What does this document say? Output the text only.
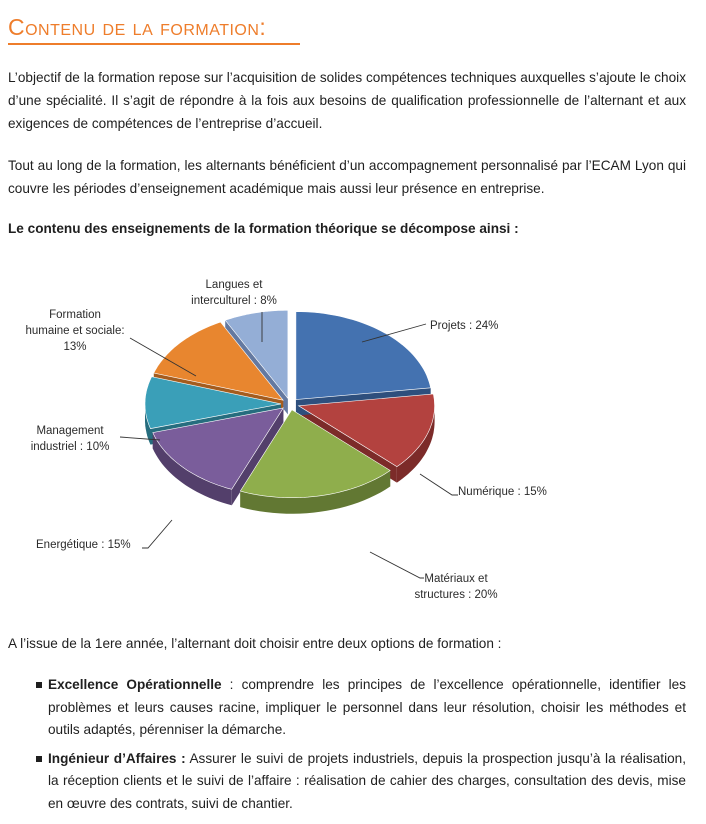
Contenu de la formation:

L’objectif de la formation repose sur l’acquisition de solides compétences techniques auxquelles s’ajoute le choix d’une spécialité. Il s’agit de répondre à la fois aux besoins de qualification professionnelle de l’alternant et aux exigences de compétences de l’entreprise d’accueil.

Tout au long de la formation, les alternants bénéficient d’un accompagnement personnalisé par l’ECAM Lyon qui couvre les périodes d’enseignement académique mais aussi leur présence en entreprise.

Le contenu des enseignements de la formation théorique se décompose ainsi :

Projets : 24%
Numérique : 15%
Matériaux et structures : 20%
Energétique : 15%
Management industriel : 10%
Formation humaine et sociale: 13%
Langues et interculturel : 8%

A l’issue de la 1ere année, l’alternant doit choisir entre deux options de formation :

Excellence Opérationnelle : comprendre les principes de l’excellence opérationnelle, identifier les problèmes et leurs causes racine, impliquer le personnel dans leur résolution, choisir les méthodes et outils adaptés, pérenniser la démarche.
Ingénieur d’Affaires : Assurer le suivi de projets industriels, depuis la prospection jusqu’à la réalisation, la réception clients et le suivi de l’affaire : réalisation de cahier des charges, consultation des devis, mise en œuvre des contrats, suivi de chantier.
